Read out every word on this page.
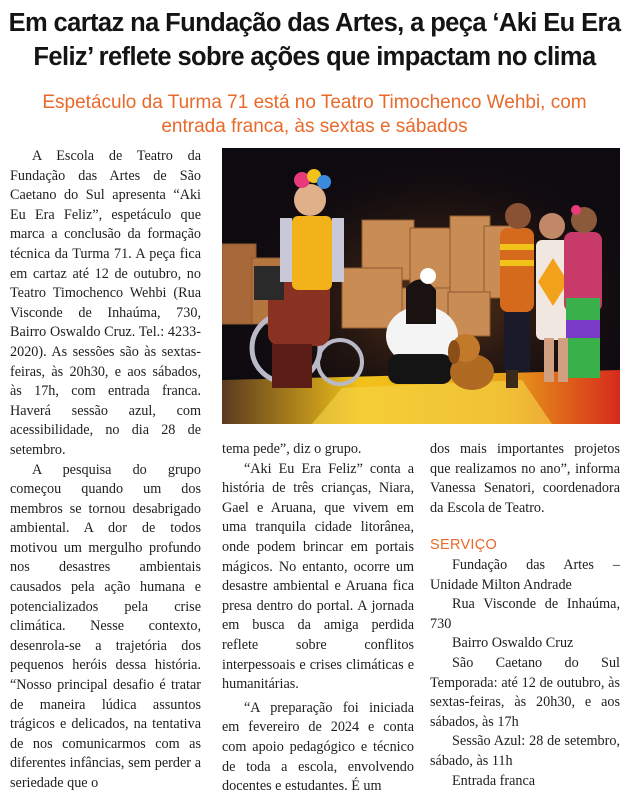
Em cartaz na Fundação das Artes, a peça ‘Aki Eu Era Feliz’ reflete sobre ações que impactam no clima
Espetáculo da Turma 71 está no Teatro Timochenco Wehbi, com entrada franca, às sextas e sábados

A Escola de Teatro da Fundação das Artes de São Caetano do Sul apresenta “Aki Eu Era Feliz”, espetáculo que marca a conclusão da formação técnica da Turma 71. A peça fica em cartaz até 12 de outubro, no Teatro Timochenco Wehbi (Rua Visconde de Inhaúma, 730, Bairro Oswaldo Cruz. Tel.: 4233-2020). As sessões são às sextas-feiras, às 20h30, e aos sábados, às 17h, com entrada franca. Haverá sessão azul, com acessibilidade, no dia 28 de setembro.

A pesquisa do grupo começou quando um dos membros se tornou desabrigado ambiental. A dor de todos motivou um mergulho profundo nos desastres ambientais causados pela ação humana e potencializados pela crise climática. Nesse contexto, desenrola-se a trajetória dos pequenos heróis dessa história. “Nosso principal desafio é tratar de maneira lúdica assuntos trágicos e delicados, na tentativa de nos comunicarmos com as diferentes infâncias, sem perder a seriedade que o

tema pede”, diz o grupo.

“Aki Eu Era Feliz” conta a história de três crianças, Niara, Gael e Aruana, que vivem em uma tranquila cidade litorânea, onde podem brincar em portais mágicos. No entanto, ocorre um desastre ambiental e Aruana fica presa dentro do portal. A jornada em busca da amiga perdida reflete sobre conflitos interpessoais e crises climáticas e humanitárias.

“A preparação foi iniciada em fevereiro de 2024 e conta com apoio pedagógico e técnico de toda a escola, envolvendo docentes e estudantes. É um

dos mais importantes projetos que realizamos no ano”, informa Vanessa Senatori, coordenadora da Escola de Teatro.

SERVIÇO

Fundação das Artes – Unidade Milton Andrade

Rua Visconde de Inhaúma, 730

Bairro Oswaldo Cruz

São Caetano do Sul Temporada: até 12 de outubro, às sextas-feiras, às 20h30, e aos sábados, às 17h

Sessão Azul: 28 de setembro, sábado, às 11h

Entrada franca
